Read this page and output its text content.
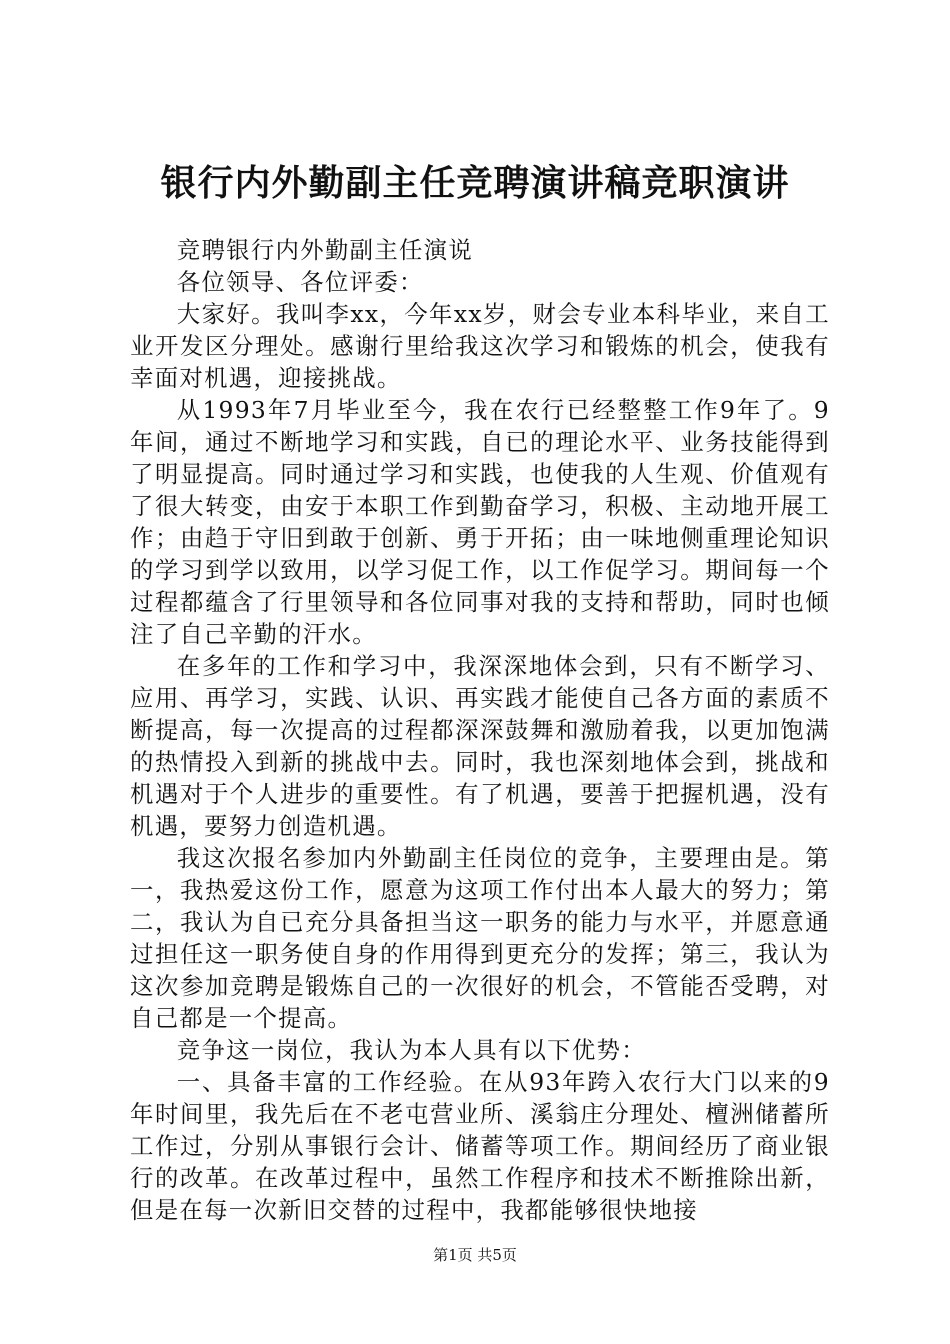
银行内外勤副主任竞聘演讲稿竞职演讲

竞聘银行内外勤副主任演说

各位领导、各位评委：

大家好。我叫李xx，今年xx岁，财会专业本科毕业，来自工业开发区分理处。感谢行里给我这次学习和锻炼的机会，使我有幸面对机遇，迎接挑战。

从1993年7月毕业至今，我在农行已经整整工作9年了。9年间，通过不断地学习和实践，自已的理论水平、业务技能得到了明显提高。同时通过学习和实践，也使我的人生观、价值观有了很大转变，由安于本职工作到勤奋学习，积极、主动地开展工作；由趋于守旧到敢于创新、勇于开拓；由一味地侧重理论知识的学习到学以致用，以学习促工作，以工作促学习。期间每一个过程都蕴含了行里领导和各位同事对我的支持和帮助，同时也倾注了自己辛勤的汗水。

在多年的工作和学习中，我深深地体会到，只有不断学习、应用、再学习，实践、认识、再实践才能使自己各方面的素质不断提高，每一次提高的过程都深深鼓舞和激励着我，以更加饱满的热情投入到新的挑战中去。同时，我也深刻地体会到，挑战和机遇对于个人进步的重要性。有了机遇，要善于把握机遇，没有机遇，要努力创造机遇。

我这次报名参加内外勤副主任岗位的竞争，主要理由是。第一，我热爱这份工作，愿意为这项工作付出本人最大的努力；第二，我认为自已充分具备担当这一职务的能力与水平，并愿意通过担任这一职务使自身的作用得到更充分的发挥；第三，我认为这次参加竞聘是锻炼自己的一次很好的机会，不管能否受聘，对自己都是一个提高。

竞争这一岗位，我认为本人具有以下优势：

一、具备丰富的工作经验。在从93年跨入农行大门以来的9年时间里，我先后在不老屯营业所、溪翁庄分理处、檀洲储蓄所工作过，分别从事银行会计、储蓄等项工作。期间经历了商业银行的改革。在改革过程中，虽然工作程序和技术不断推除出新，但是在每一次新旧交替的过程中，我都能够很快地接

第1页 共5页
